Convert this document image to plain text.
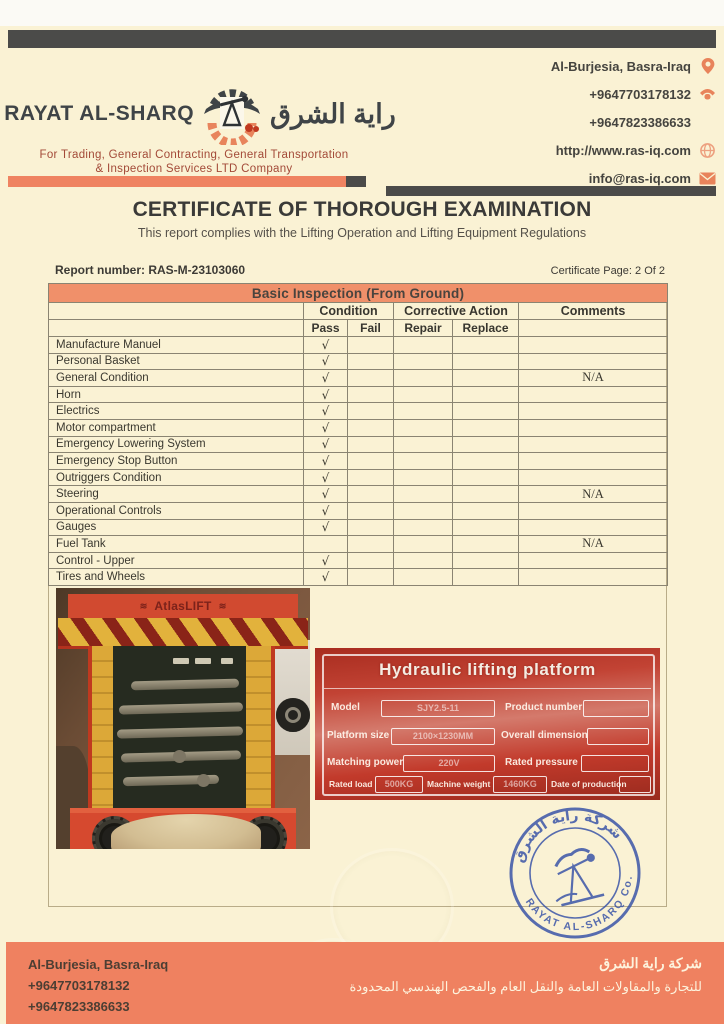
RAYAT AL-SHARQ	راية الشرق
For Trading, General Contracting, General Transportation
& Inspection Services LTD Company
Al-Burjesia, Basra-Iraq
+9647703178132
+9647823386633
http://www.ras-iq.com
info@ras-iq.com
CERTIFICATE OF THOROUGH EXAMINATION
This report complies with the Lifting Operation and Lifting Equipment Regulations
Report number: RAS-M-23103060	Certificate Page: 2 Of 2
Basic Inspection (From Ground)					
	Condition		Corrective Action		Comments
	Pass	Fail	Repair	Replace	
Manufacture Manuel	√				
Personal Basket	√				
General Condition	√				N/A
Horn	√				
Electrics	√				
Motor compartment	√				
Emergency Lowering System	√				
Emergency Stop Button	√				
Outriggers Condition	√				
Steering	√				N/A
Operational Controls	√				
Gauges	√				
Fuel Tank					N/A
Control - Upper	√				
Tires and Wheels	√				
≋ AtlasLIFT ≋
Hydraulic lifting platform
Model	SJY2.5-11	Product number
Platform size	2100×1230MM	Overall dimension
Matching power	220V	Rated pressure
Rated load	500KG	Machine weight	1460KG	Date of production
شركة راية الشرق
RAYAT AL-SHARQ Co.
Al-Burjesia, Basra-Iraq
+9647703178132
+9647823386633
شركة راية الشرق
للتجارة والمقاولات العامة والنقل العام والفحص الهندسي المحدودة
